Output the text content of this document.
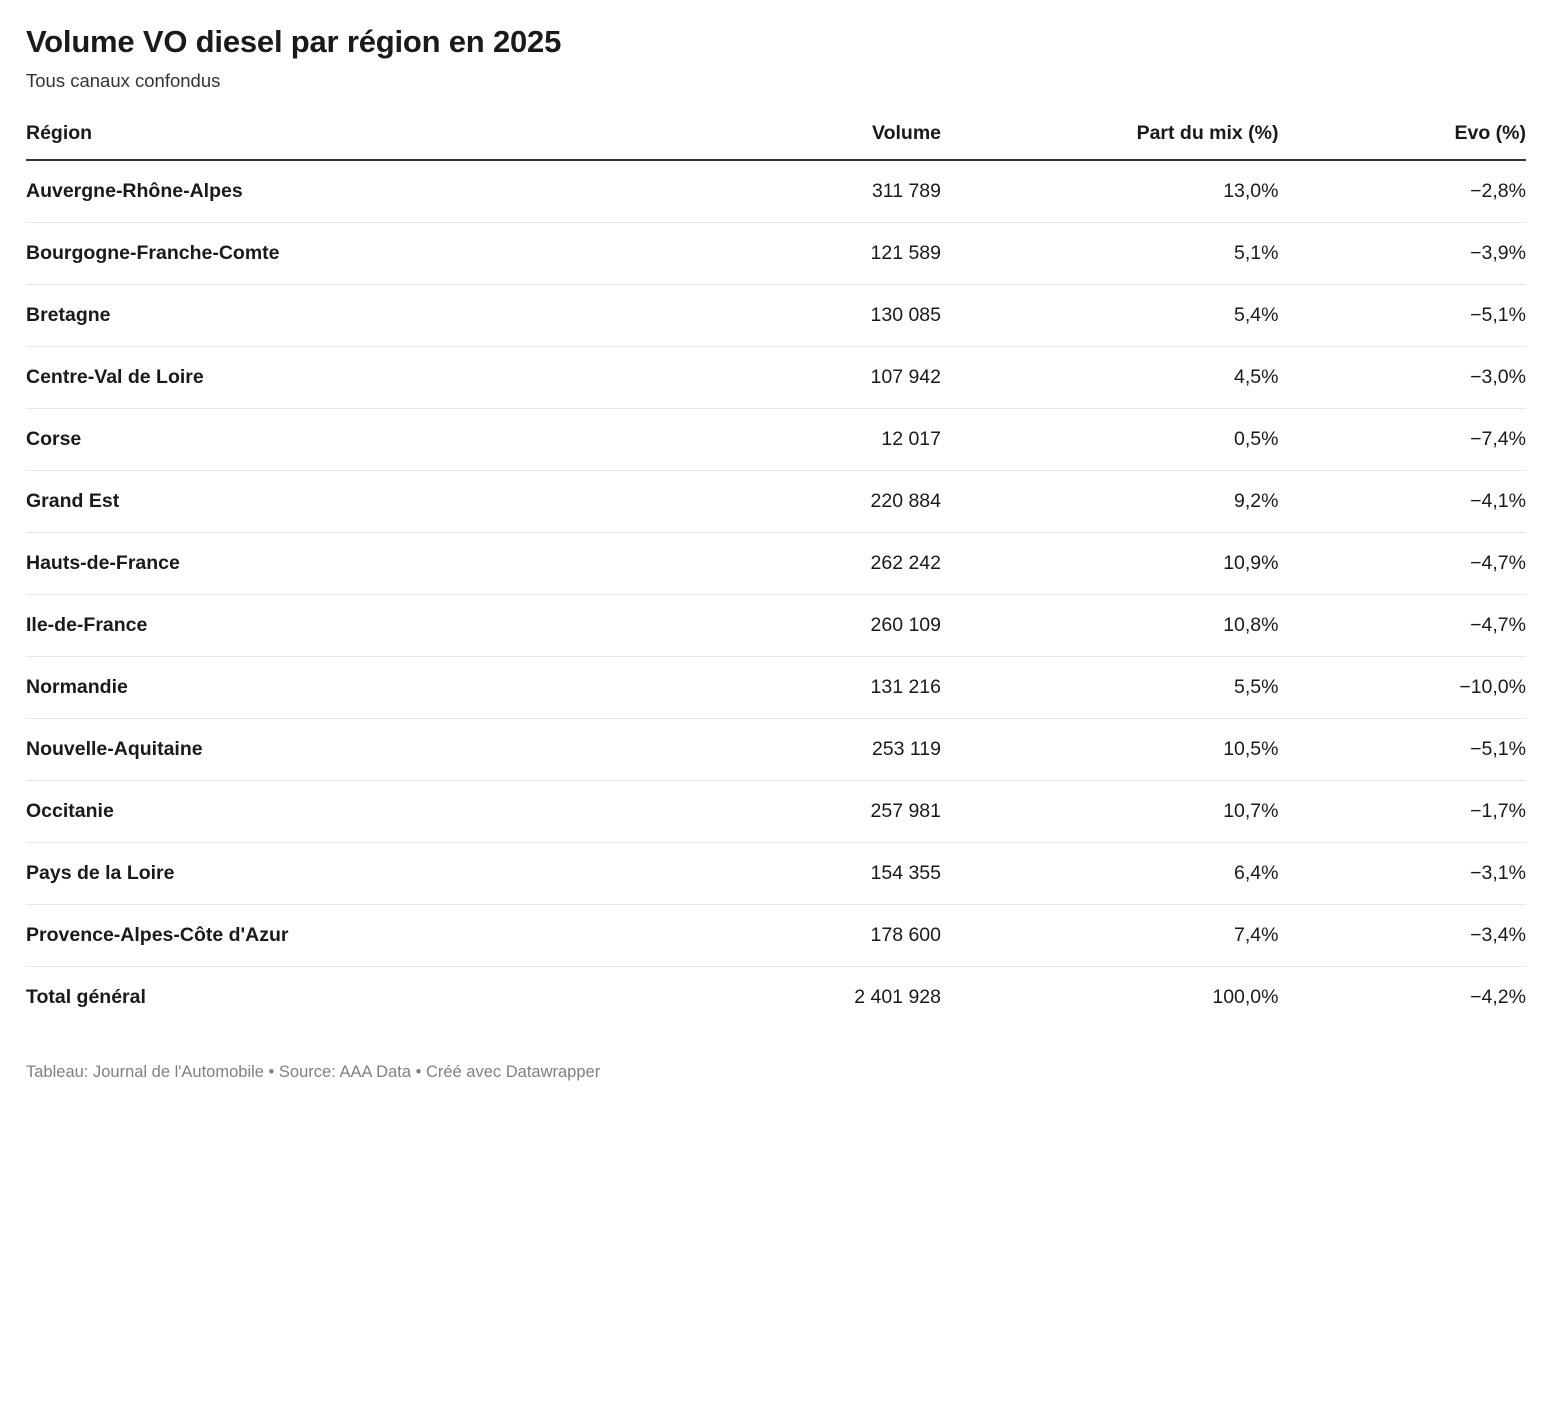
Volume VO diesel par région en 2025
Tous canaux confondus
Région	Volume	Part du mix (%)	Evo (%)
Auvergne-Rhône-Alpes	311 789	13,0%	−2,8%
Bourgogne-Franche-Comte	121 589	5,1%	−3,9%
Bretagne	130 085	5,4%	−5,1%
Centre-Val de Loire	107 942	4,5%	−3,0%
Corse	12 017	0,5%	−7,4%
Grand Est	220 884	9,2%	−4,1%
Hauts-de-France	262 242	10,9%	−4,7%
Ile-de-France	260 109	10,8%	−4,7%
Normandie	131 216	5,5%	−10,0%
Nouvelle-Aquitaine	253 119	10,5%	−5,1%
Occitanie	257 981	10,7%	−1,7%
Pays de la Loire	154 355	6,4%	−3,1%
Provence-Alpes-Côte d'Azur	178 600	7,4%	−3,4%
Total général	2 401 928	100,0%	−4,2%
Tableau: Journal de l'Automobile • Source: AAA Data • Créé avec Datawrapper
